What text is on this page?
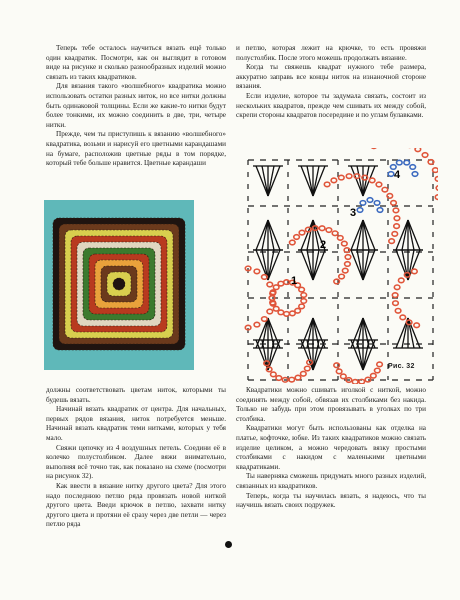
Теперь тебе осталось научиться вязать ещё только один квадратик. Посмотри, как он выглядит в готовом виде на рисунке и сколько разнообразных изделий можно связать из таких квадратиков.

Для вязания такого «волшебного» квадратика можно использовать остатки разных ниток, но все нитки должны быть одинаковой толщины. Если же какие-то нитки будут более тонкими, их можно соединить в две, три, четыре нитки.

Прежде, чем ты приступишь к вязанию «волшебного» квадратика, возьми и нарисуй его цветными карандашами на бумаге, расположив цветные ряды в том порядке, который тебе больше нравится. Цветные карандаши

и петлю, которая лежит на крючке, то есть провяжи полустолбик. После этого можешь продолжать вязание.

Когда ты свяжешь квадрат нужного тебе размера, аккуратно заправь все концы ниток на изнаночной стороне вязания.

Если изделие, которое ты задумала связать, состоит из нескольких квадратов, прежде чем сшивать их между собой, скрепи стороны квадратов посередине и по углам булавками.

1
2
3
4
Рис. 32

должны соответствовать цветам ниток, которыми ты будешь вязать.

Начинай вязать квадратик от центра. Для начальных, первых рядов вязания, ниток потребуется меньше. Начинай вязать квадратик теми нитками, которых у тебя мало.

Свяжи цепочку из 4 воздушных петель. Соедини её в колечко полустолбиком. Далее вяжи внимательно, выполняя всё точно так, как показано на схеме (посмотри на рисунок 32).

Как ввести в вязание нитку другого цвета? Для этого надо последнюю петлю ряда провязать новой ниткой другого цвета. Введи крючок в петлю, захвати нитку другого цвета и протяни её сразу через две петли — через петлю ряда

Квадратики можно сшивать иголкой с ниткой, можно соединять между собой, обвязав их столбиками без накида. Только не забудь при этом провязывать в уголках по три столбика.

Квадратики могут быть использованы как отделка на платье, кофточке, юбке. Из таких квадратиков можно связать изделие целиком, а можно чередовать вязку простыми столбиками с накидом с маленькими цветными квадратиками.

Ты наверняка сможешь придумать много разных изделий, связанных из квадратиков.

Теперь, когда ты научилась вязать, я надеюсь, что ты научишь вязать своих подружек.
